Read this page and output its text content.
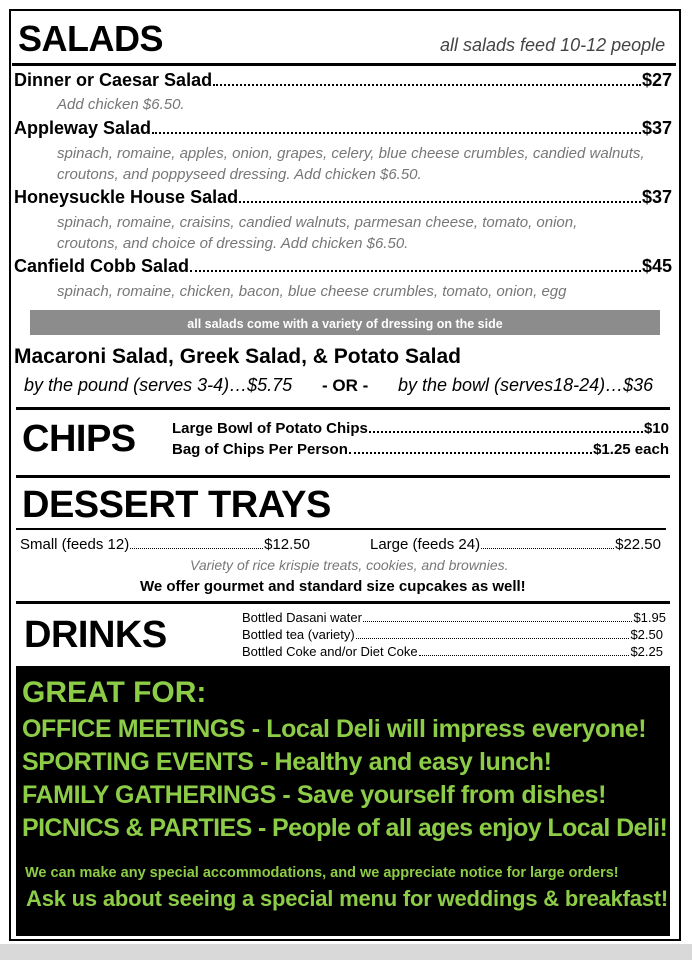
SALADS	all salads feed 10-12 people
Dinner or Caesar Salad	$27
Add chicken $6.50.
Appleway Salad	$37
spinach, romaine, apples, onion, grapes, celery, blue cheese crumbles, candied walnuts,
croutons, and poppyseed dressing. Add chicken $6.50.
Honeysuckle House Salad	$37
spinach, romaine, craisins, candied walnuts, parmesan cheese, tomato, onion,
croutons, and choice of dressing. Add chicken $6.50.
Canfield Cobb Salad	$45
spinach, romaine, chicken, bacon, blue cheese crumbles, tomato, onion, egg
all salads come with a variety of dressing on the side
Macaroni Salad, Greek Salad, & Potato Salad
by the pound (serves 3-4)…$5.75 - OR - by the bowl (serves18-24)…$36
CHIPS Large Bowl of Potato Chips	$10
Bag of Chips Per Person	$1.25 each
DESSERT TRAYS
Small (feeds 12)	$12.50	Large (feeds 24)	$22.50
Variety of rice krispie treats, cookies, and brownies.
We offer gourmet and standard size cupcakes as well!
DRINKS	Bottled Dasani water	$1.95
Bottled tea (variety)	$2.50
Bottled Coke and/or Diet Coke	$2.25
GREAT FOR:
OFFICE MEETINGS - Local Deli will impress everyone!
SPORTING EVENTS - Healthy and easy lunch!
FAMILY GATHERINGS - Save yourself from dishes!
PICNICS & PARTIES - People of all ages enjoy Local Deli!
We can make any special accommodations, and we appreciate notice for large orders!
Ask us about seeing a special menu for weddings & breakfast!
